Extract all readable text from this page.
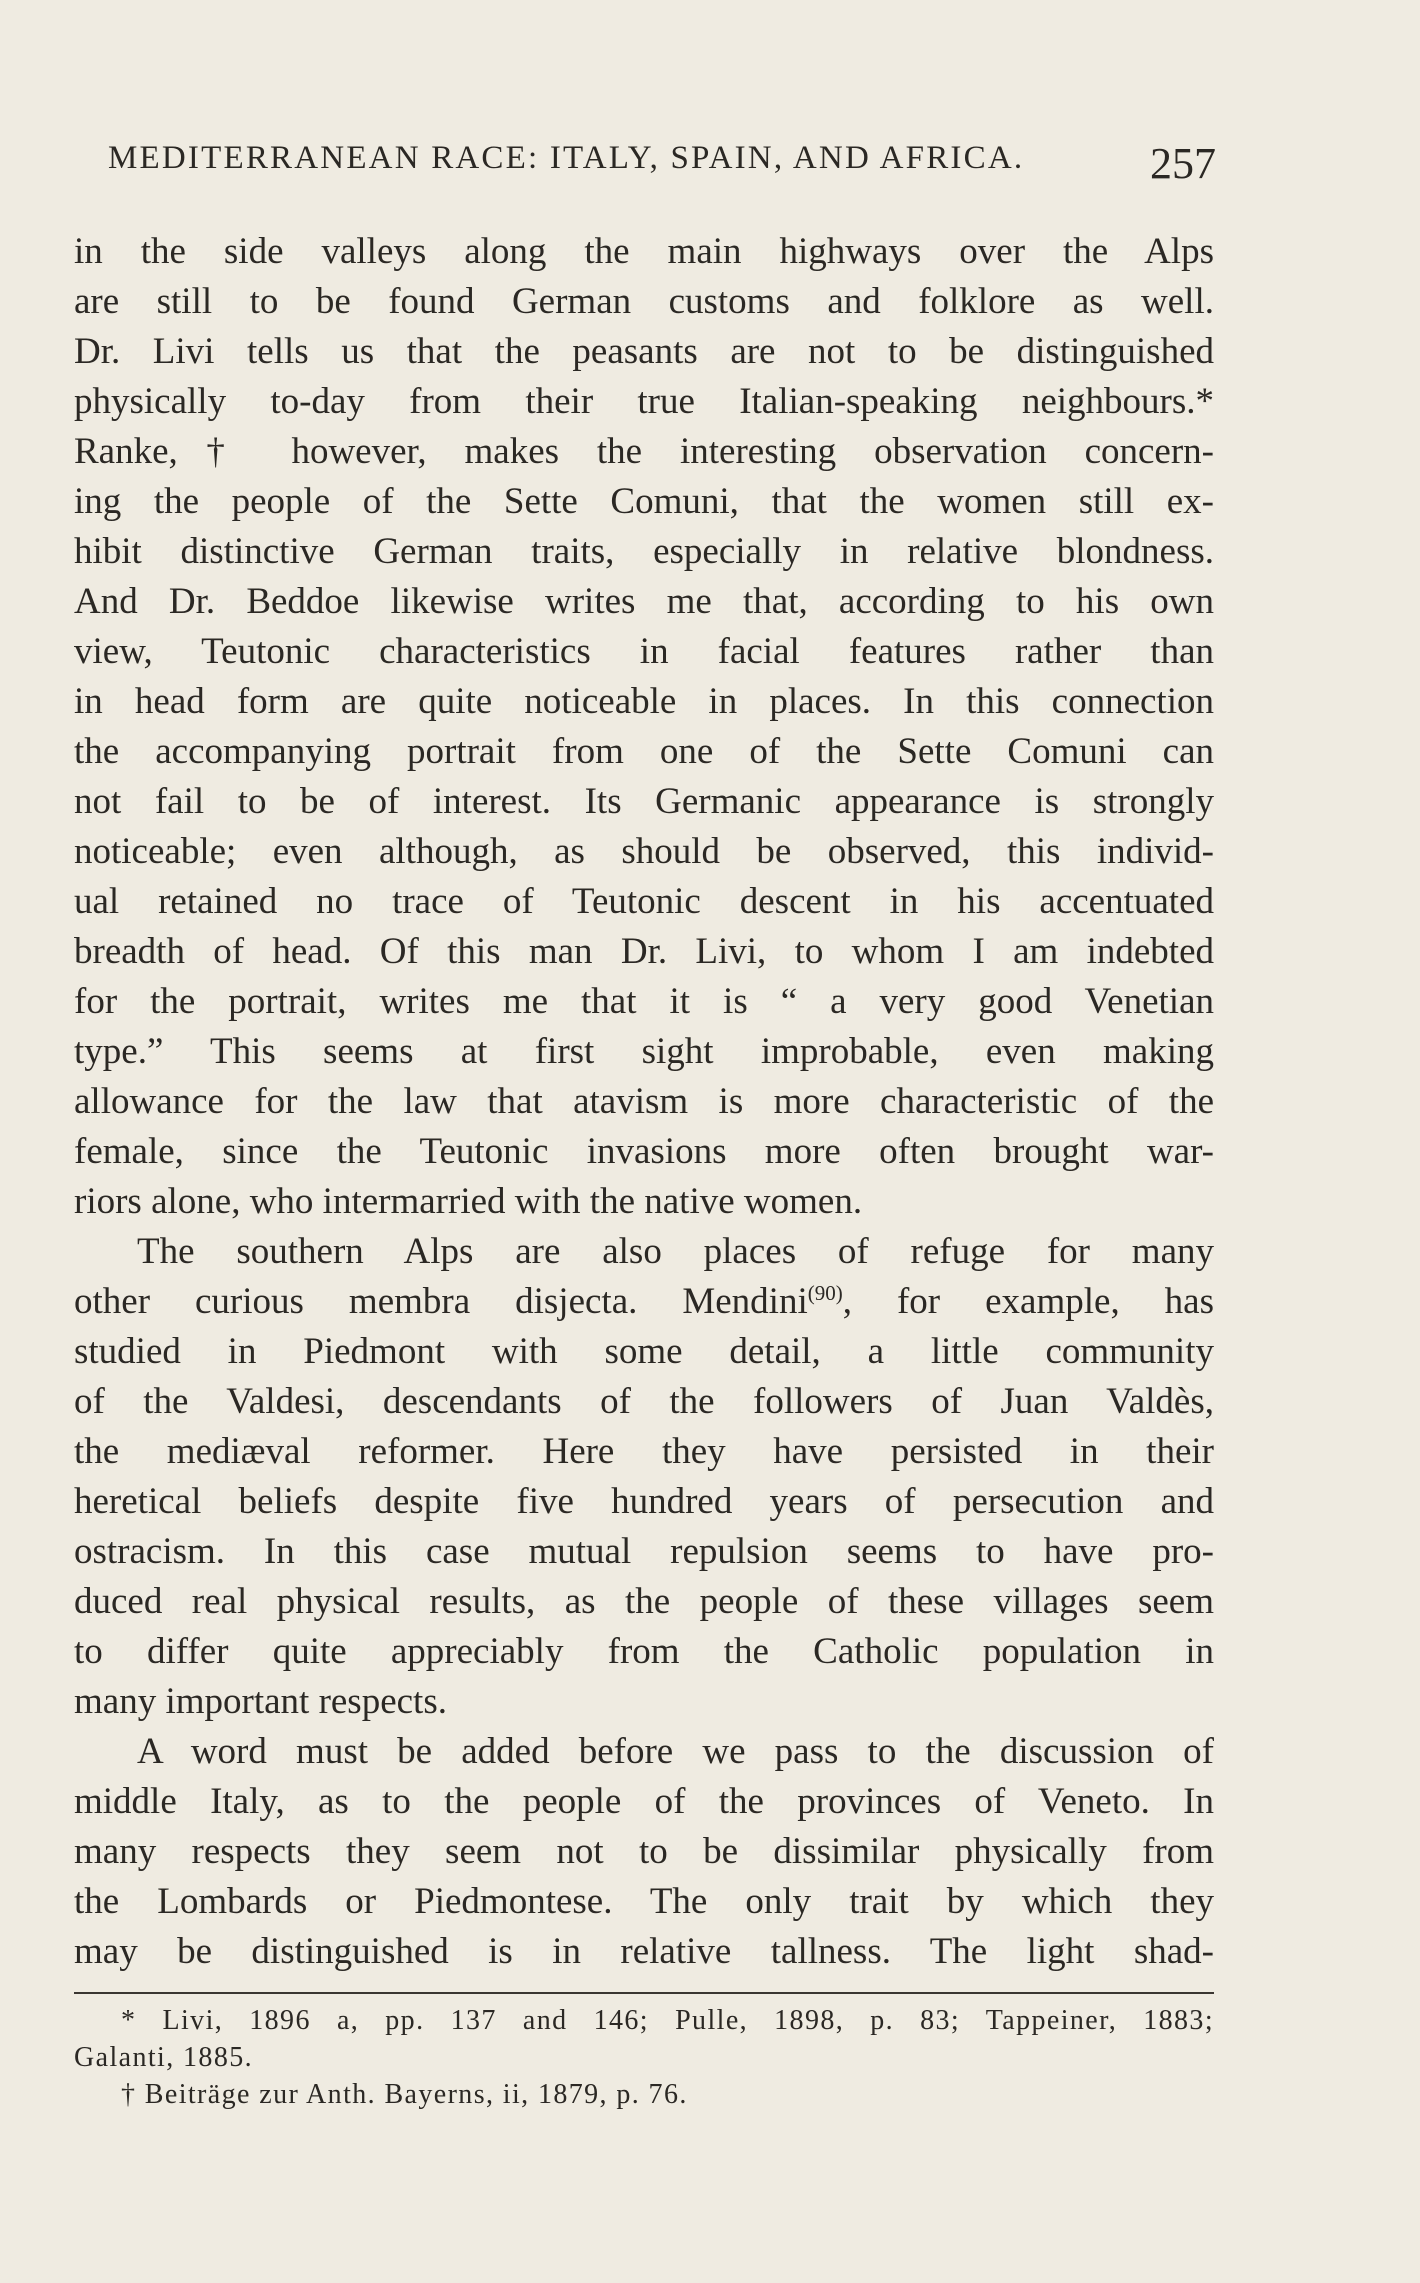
MEDITERRANEAN RACE: ITALY, SPAIN, AND AFRICA.	257
in the side valleys along the main highways over the Alps
are still to be found German customs and folklore as well.
Dr. Livi tells us that the peasants are not to be distinguished
physically to-day from their true Italian-speaking neighbours.*
Ranke,† however, makes the interesting observation concern-
ing the people of the Sette Comuni, that the women still ex-
hibit distinctive German traits, especially in relative blondness.
And Dr. Beddoe likewise writes me that, according to his own
view, Teutonic characteristics in facial features rather than
in head form are quite noticeable in places. In this connection
the accompanying portrait from one of the Sette Comuni can
not fail to be of interest. Its Germanic appearance is strongly
noticeable; even although, as should be observed, this individ-
ual retained no trace of Teutonic descent in his accentuated
breadth of head. Of this man Dr. Livi, to whom I am indebted
for the portrait, writes me that it is “ a very good Venetian
type.” This seems at first sight improbable, even making
allowance for the law that atavism is more characteristic of the
female, since the Teutonic invasions more often brought war-
riors alone, who intermarried with the native women.
The southern Alps are also places of refuge for many
other curious membra disjecta. Mendini$^{(90)}$, for example, has
studied in Piedmont with some detail, a little community
of the Valdesi, descendants of the followers of Juan Valdès,
the mediæval reformer. Here they have persisted in their
heretical beliefs despite five hundred years of persecution and
ostracism. In this case mutual repulsion seems to have pro-
duced real physical results, as the people of these villages seem
to differ quite appreciably from the Catholic population in
many important respects.
A word must be added before we pass to the discussion of
middle Italy, as to the people of the provinces of Veneto. In
many respects they seem not to be dissimilar physically from
the Lombards or Piedmontese. The only trait by which they
may be distinguished is in relative tallness. The light shad-
* Livi, 1896 a, pp. 137 and 146; Pulle, 1898, p. 83; Tappeiner, 1883;
Galanti, 1885.
† Beiträge zur Anth. Bayerns, ii, 1879, p. 76.
